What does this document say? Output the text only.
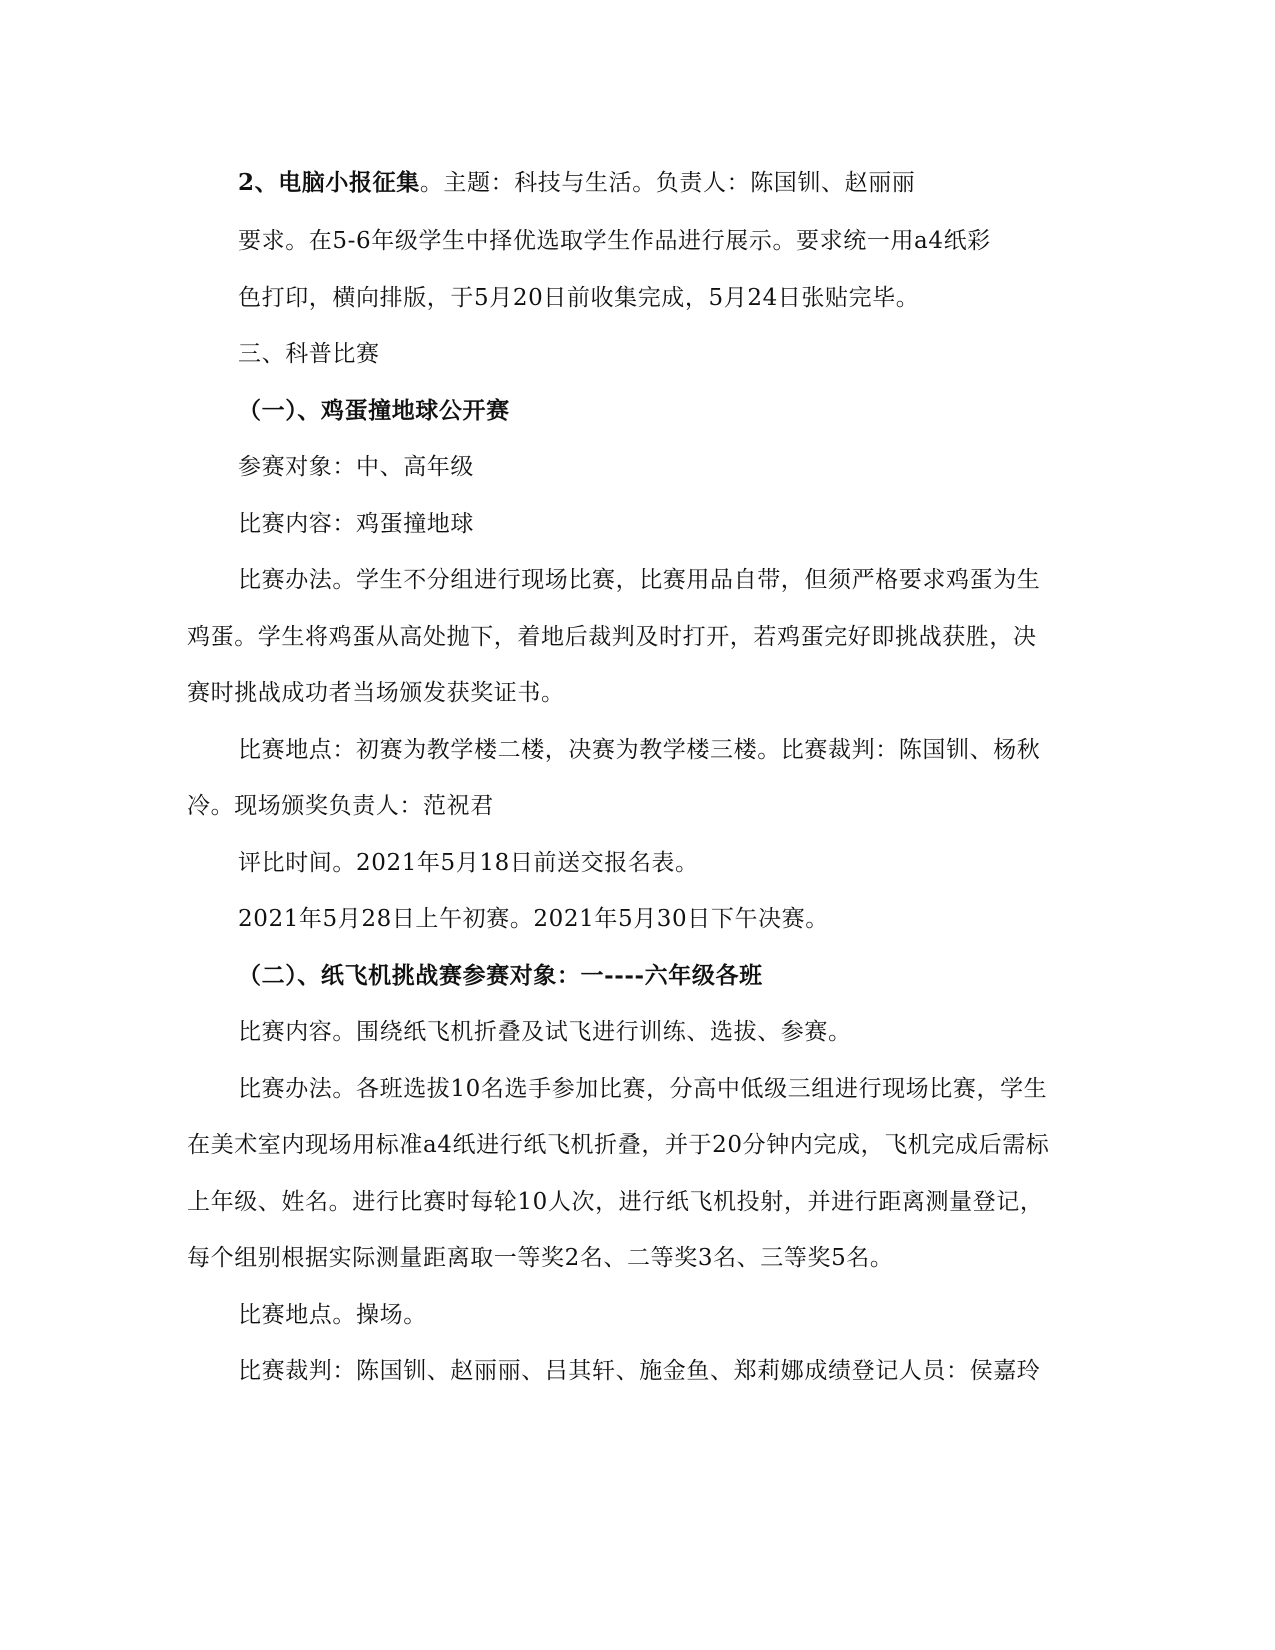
2、电脑小报征集。主题：科技与生活。负责人：陈国钏、赵丽丽
要求。在5-6年级学生中择优选取学生作品进行展示。要求统一用a4纸彩
色打印，横向排版，于5月20日前收集完成，5月24日张贴完毕。
三、科普比赛
（一）、鸡蛋撞地球公开赛
参赛对象：中、高年级
比赛内容：鸡蛋撞地球
比赛办法。学生不分组进行现场比赛，比赛用品自带，但须严格要求鸡蛋为生
鸡蛋。学生将鸡蛋从高处抛下，着地后裁判及时打开，若鸡蛋完好即挑战获胜，决
赛时挑战成功者当场颁发获奖证书。
比赛地点：初赛为教学楼二楼，决赛为教学楼三楼。比赛裁判：陈国钏、杨秋
冷。现场颁奖负责人：范祝君
评比时间。2021年5月18日前送交报名表。
2021年5月28日上午初赛。2021年5月30日下午决赛。
（二）、纸飞机挑战赛参赛对象：一----六年级各班
比赛内容。围绕纸飞机折叠及试飞进行训练、选拔、参赛。
比赛办法。各班选拔10名选手参加比赛，分高中低级三组进行现场比赛，学生
在美术室内现场用标准a4纸进行纸飞机折叠，并于20分钟内完成，飞机完成后需标
上年级、姓名。进行比赛时每轮10人次，进行纸飞机投射，并进行距离测量登记，
每个组别根据实际测量距离取一等奖2名、二等奖3名、三等奖5名。
比赛地点。操场。
比赛裁判：陈国钏、赵丽丽、吕其轩、施金鱼、郑莉娜成绩登记人员：侯嘉玲
